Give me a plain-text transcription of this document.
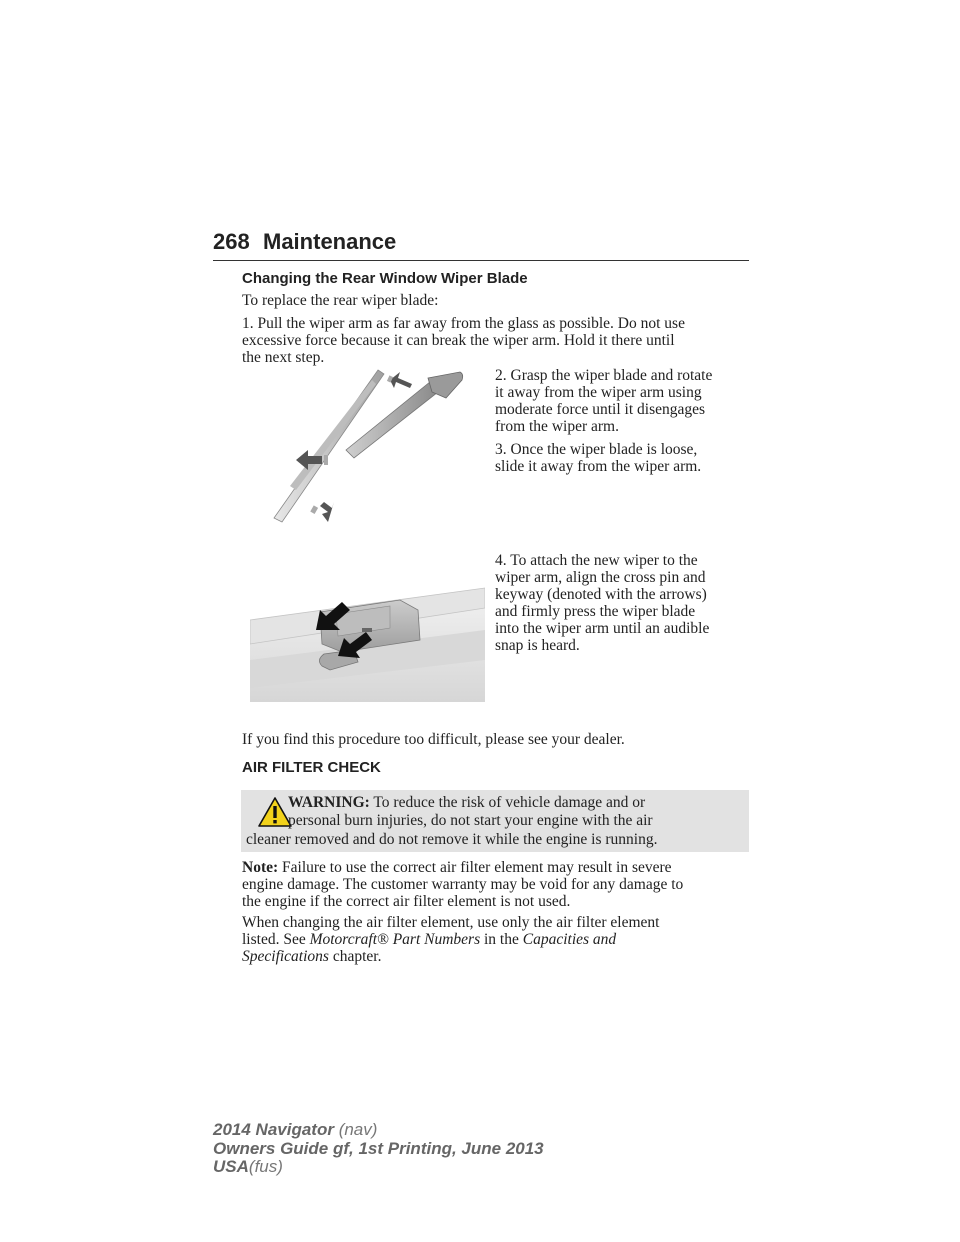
268 Maintenance
Changing the Rear Window Wiper Blade
To replace the rear wiper blade:
1. Pull the wiper arm as far away from the glass as possible. Do not use
excessive force because it can break the wiper arm. Hold it there until
the next step.
2. Grasp the wiper blade and rotate
it away from the wiper arm using
moderate force until it disengages
from the wiper arm.
3. Once the wiper blade is loose,
slide it away from the wiper arm.
4. To attach the new wiper to the
wiper arm, align the cross pin and
keyway (denoted with the arrows)
and firmly press the wiper blade
into the wiper arm until an audible
snap is heard.
If you find this procedure too difficult, please see your dealer.
AIR FILTER CHECK
WARNING: To reduce the risk of vehicle damage and or
personal burn injuries, do not start your engine with the air
cleaner removed and do not remove it while the engine is running.
Note: Failure to use the correct air filter element may result in severe
engine damage. The customer warranty may be void for any damage to
the engine if the correct air filter element is not used.
When changing the air filter element, use only the air filter element
listed. See Motorcraft® Part Numbers in the Capacities and
Specifications chapter.
2014 Navigator (nav)
Owners Guide gf, 1st Printing, June 2013
USA(fus)
